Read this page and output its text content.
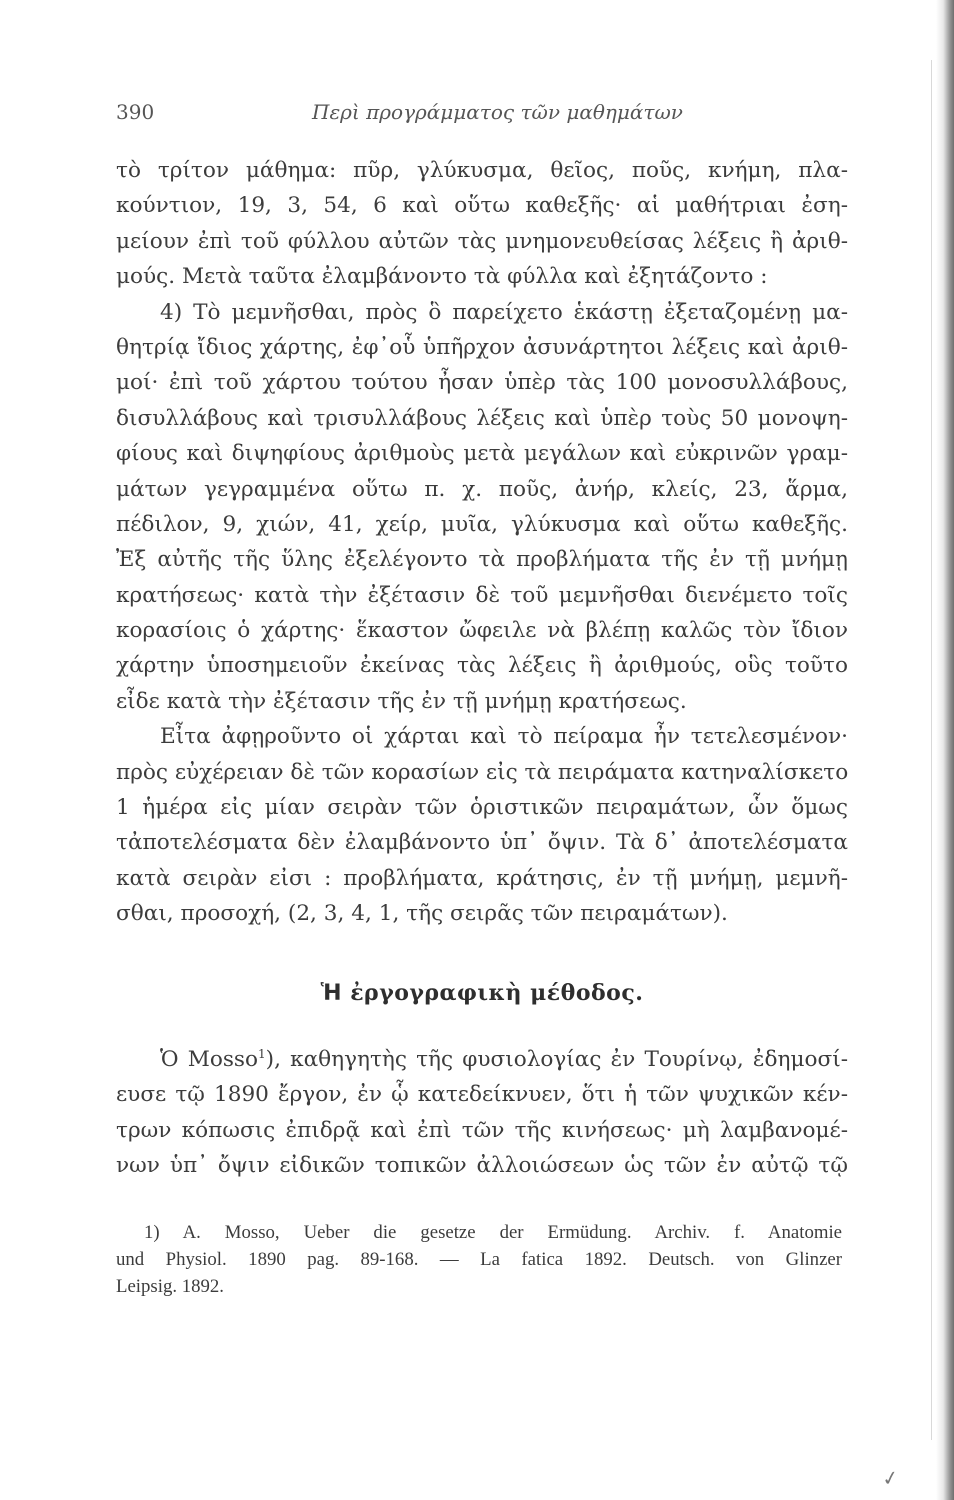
390	Περὶ προγράμματος τῶν μαθημάτων
τὸ τρίτον μάθημα: πῦρ, γλύκυσμα, θεῖος, ποῦς, κνήμη, πλα-
κούντιον, 19, 3, 54, 6 καὶ οὕτω καθεξῆς· αἱ μαθήτριαι ἐση-
μείουν ἐπὶ τοῦ φύλλου αὐτῶν τὰς μνημονευθείσας λέξεις ἢ ἀριθ-
μούς. Μετὰ ταῦτα ἐλαμβάνοντο τὰ φύλλα καὶ ἐξητάζοντο :
4) Τὸ μεμνῆσθαι, πρὸς ὃ παρείχετο ἑκάστῃ ἐξεταζομένῃ μα-
θητρίᾳ ἴδιος χάρτης, ἐφ᾽οὗ ὑπῆρχον ἀσυνάρτητοι λέξεις καὶ ἀριθ-
μοί· ἐπὶ τοῦ χάρτου τούτου ἦσαν ὑπὲρ τὰς 100 μονοσυλλάβους,
δισυλλάβους καὶ τρισυλλάβους λέξεις καὶ ὑπὲρ τοὺς 50 μονοψη-
φίους καὶ διψηφίους ἀριθμοὺς μετὰ μεγάλων καὶ εὐκρινῶν γραμ-
μάτων γεγραμμένα οὕτω π. χ. ποῦς, ἀνήρ, κλείς, 23, ἅρμα,
πέδιλον, 9, χιών, 41, χείρ, μυῖα, γλύκυσμα καὶ οὕτω καθεξῆς.
Ἐξ αὐτῆς τῆς ὕλης ἐξελέγοντο τὰ προβλήματα τῆς ἐν τῇ μνήμῃ
κρατήσεως· κατὰ τὴν ἐξέτασιν δὲ τοῦ μεμνῆσθαι διενέμετο τοῖς
κορασίοις ὁ χάρτης· ἕκαστον ὤφειλε νὰ βλέπῃ καλῶς τὸν ἴδιον
χάρτην ὑποσημειοῦν ἐκείνας τὰς λέξεις ἢ ἀριθμούς, οὓς τοῦτο
εἶδε κατὰ τὴν ἐξέτασιν τῆς ἐν τῇ μνήμῃ κρατήσεως.
Εἶτα ἀφῃροῦντο οἱ χάρται καὶ τὸ πείραμα ἦν τετελεσμένον·
πρὸς εὐχέρειαν δὲ τῶν κορασίων εἰς τὰ πειράματα κατηναλίσκετο
1 ἡμέρα εἰς μίαν σειρὰν τῶν ὁριστικῶν πειραμάτων, ὧν ὅμως
τἀποτελέσματα δὲν ἐλαμβάνοντο ὑπ᾽ ὄψιν. Τὰ δ᾽ ἀποτελέσματα
κατὰ σειρὰν εἰσι : προβλήματα, κράτησις, ἐν τῇ μνήμῃ, μεμνῆ-
σθαι, προσοχή, (2, 3, 4, 1, τῆς σειρᾶς τῶν πειραμάτων).
Ἡ ἐργογραφικὴ μέθοδος.
Ὁ Mosso$^1$), καθηγητὴς τῆς φυσιολογίας ἐν Τουρίνῳ, ἐδημοσί-
ευσε τῷ 1890 ἔργον, ἐν ᾧ κατεδείκνυεν, ὅτι ἡ τῶν ψυχικῶν κέν-
τρων κόπωσις ἐπιδρᾷ καὶ ἐπὶ τῶν τῆς κινήσεως· μὴ λαμβανομέ-
νων ὑπ᾽ ὄψιν εἰδικῶν τοπικῶν ἀλλοιώσεων ὡς τῶν ἐν αὐτῷ τῷ
1) A. Mosso, Ueber die gesetze der Ermüdung. Archiv. f. Anatomie
und Physiol. 1890 pag. 89-168. — La fatica 1892. Deutsch. von Glinzer
Leipsig. 1892.
✓
